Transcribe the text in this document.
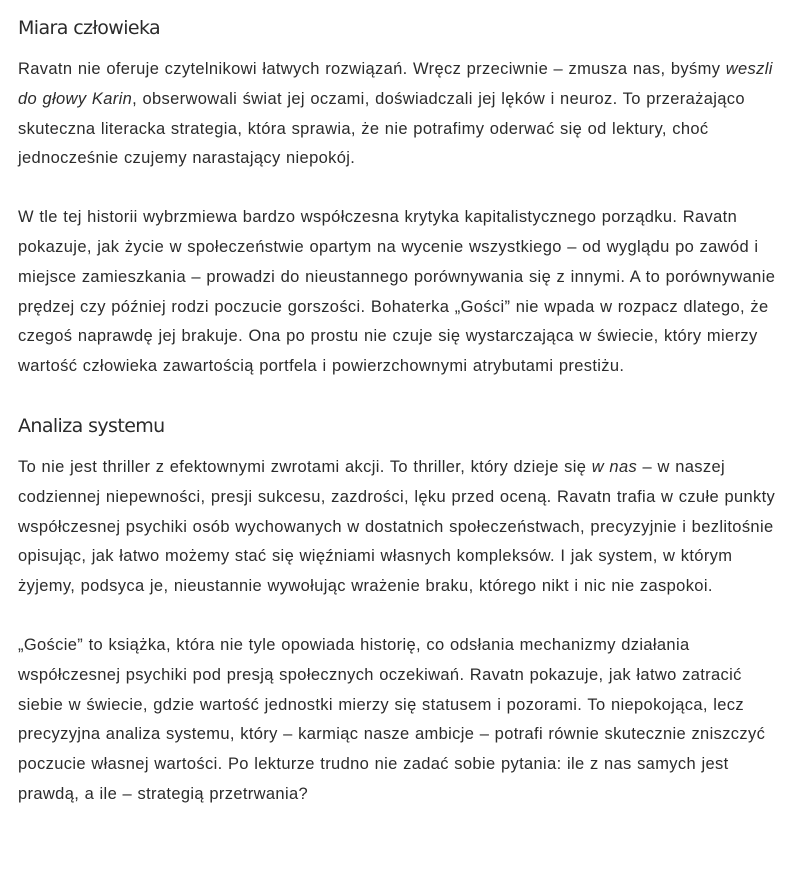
Miara człowieka

Ravatn nie oferuje czytelnikowi łatwych rozwiązań. Wręcz przeciwnie – zmusza nas, byśmy weszli do głowy Karin, obserwowali świat jej oczami, doświadczali jej lęków i neuroz. To przerażająco skuteczna literacka strategia, która sprawia, że nie potrafimy oderwać się od lektury, choć jednocześnie czujemy narastający niepokój.

W tle tej historii wybrzmiewa bardzo współczesna krytyka kapitalistycznego porządku. Ravatn pokazuje, jak życie w społeczeństwie opartym na wycenie wszystkiego – od wyglądu po zawód i miejsce zamieszkania – prowadzi do nieustannego porównywania się z innymi. A to porównywanie prędzej czy później rodzi poczucie gorszości. Bohaterka „Gości” nie wpada w rozpacz dlatego, że czegoś naprawdę jej brakuje. Ona po prostu nie czuje się wystarczająca w świecie, który mierzy wartość człowieka zawartością portfela i powierzchownymi atrybutami prestiżu.

Analiza systemu

To nie jest thriller z efektownymi zwrotami akcji. To thriller, który dzieje się w nas – w naszej codziennej niepewności, presji sukcesu, zazdrości, lęku przed oceną. Ravatn trafia w czułe punkty współczesnej psychiki osób wychowanych w dostatnich społeczeństwach, precyzyjnie i bezlitośnie opisując, jak łatwo możemy stać się więźniami własnych kompleksów. I jak system, w którym żyjemy, podsyca je, nieustannie wywołując wrażenie braku, którego nikt i nic nie zaspokoi.

„Goście” to książka, która nie tyle opowiada historię, co odsłania mechanizmy działania współczesnej psychiki pod presją społecznych oczekiwań. Ravatn pokazuje, jak łatwo zatracić siebie w świecie, gdzie wartość jednostki mierzy się statusem i pozorami. To niepokojąca, lecz precyzyjna analiza systemu, który – karmiąc nasze ambicje – potrafi równie skutecznie zniszczyć poczucie własnej wartości. Po lekturze trudno nie zadać sobie pytania: ile z nas samych jest prawdą, a ile – strategią przetrwania?
